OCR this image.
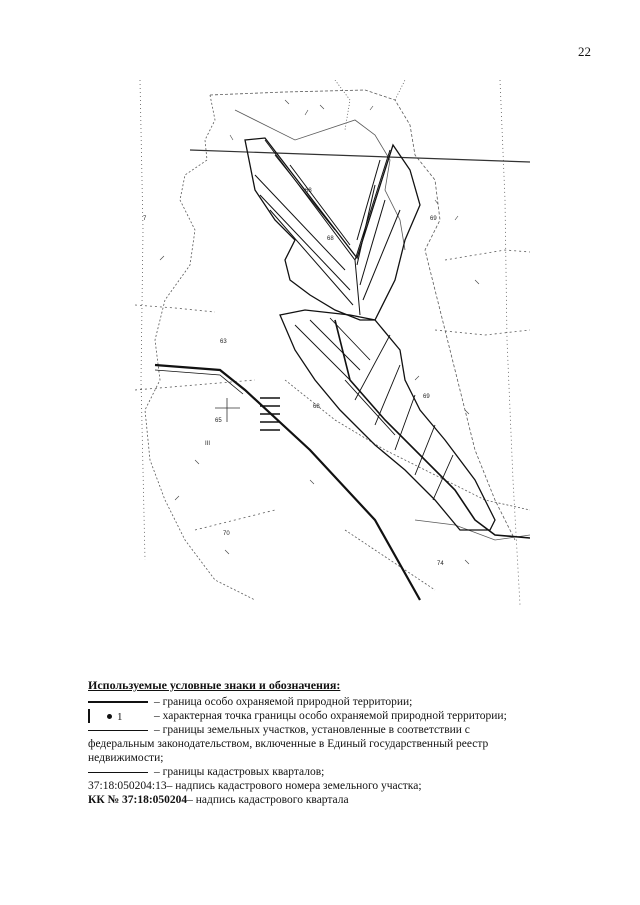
22
7
68
68
69
63
65
68
69
70
74
III
Используемые условные знаки и обозначения:
– граница особо охраняемой природной территории;
1	– характерная точка границы особо охраняемой природной территории;
– границы земельных участков, установленные в соответствии с
федеральным законодательством, включенные в Единый государственный реестр
недвижимости;
– границы кадастровых кварталов;
37:18:050204:13 – надпись кадастрового номера земельного участка;
КК № 37:18:050204 – надпись кадастрового квартала
